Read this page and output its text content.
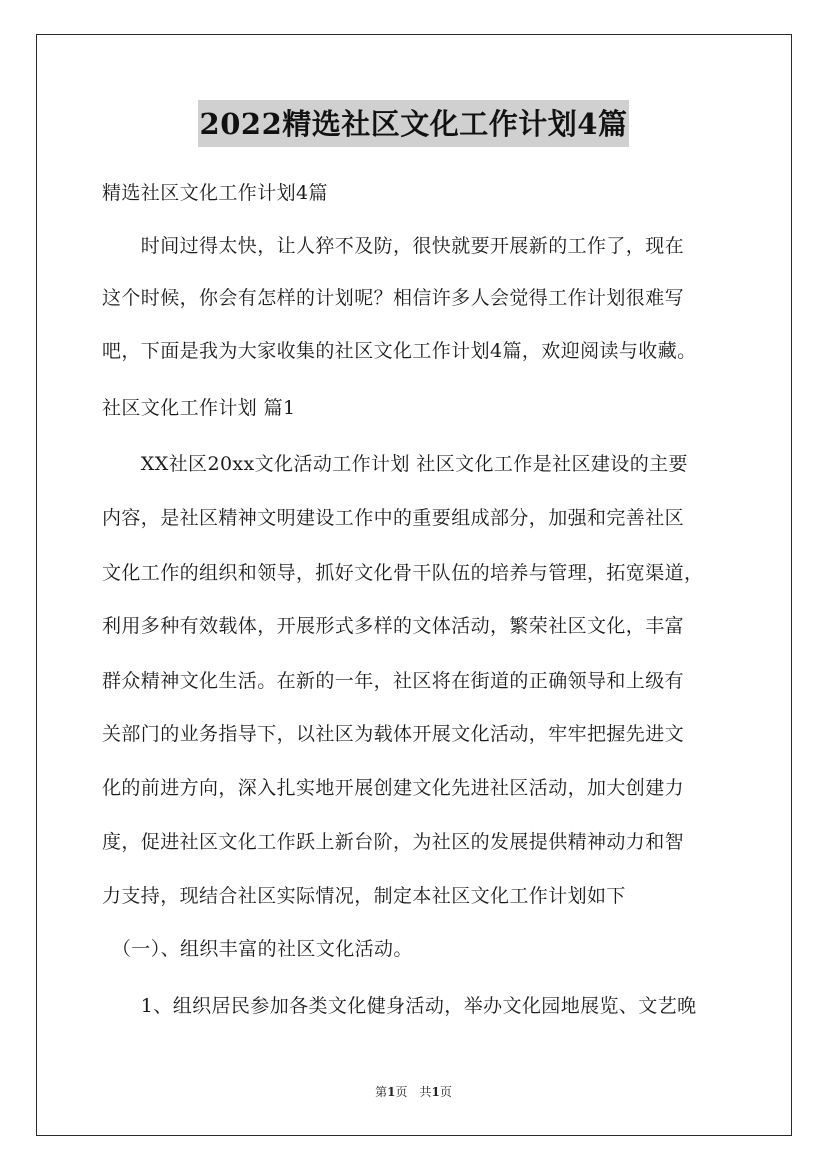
2022精选社区文化工作计划4篇
精选社区文化工作计划4篇
　　时间过得太快，让人猝不及防，很快就要开展新的工作了，现在
这个时候，你会有怎样的计划呢？相信许多人会觉得工作计划很难写
吧，下面是我为大家收集的社区文化工作计划4篇，欢迎阅读与收藏。
社区文化工作计划 篇1
　　XX社区20xx文化活动工作计划 社区文化工作是社区建设的主要
内容，是社区精神文明建设工作中的重要组成部分，加强和完善社区
文化工作的组织和领导，抓好文化骨干队伍的培养与管理，拓宽渠道，
利用多种有效载体，开展形式多样的文体活动，繁荣社区文化，丰富
群众精神文化生活。在新的一年，社区将在街道的正确领导和上级有
关部门的业务指导下，以社区为载体开展文化活动，牢牢把握先进文
化的前进方向，深入扎实地开展创建文化先进社区活动，加大创建力
度，促进社区文化工作跃上新台阶，为社区的发展提供精神动力和智
力支持，现结合社区实际情况，制定本社区文化工作计划如下
　（一）、组织丰富的社区文化活动。
　　1、组织居民参加各类文化健身活动，举办文化园地展览、文艺晚
第1页　共1页
